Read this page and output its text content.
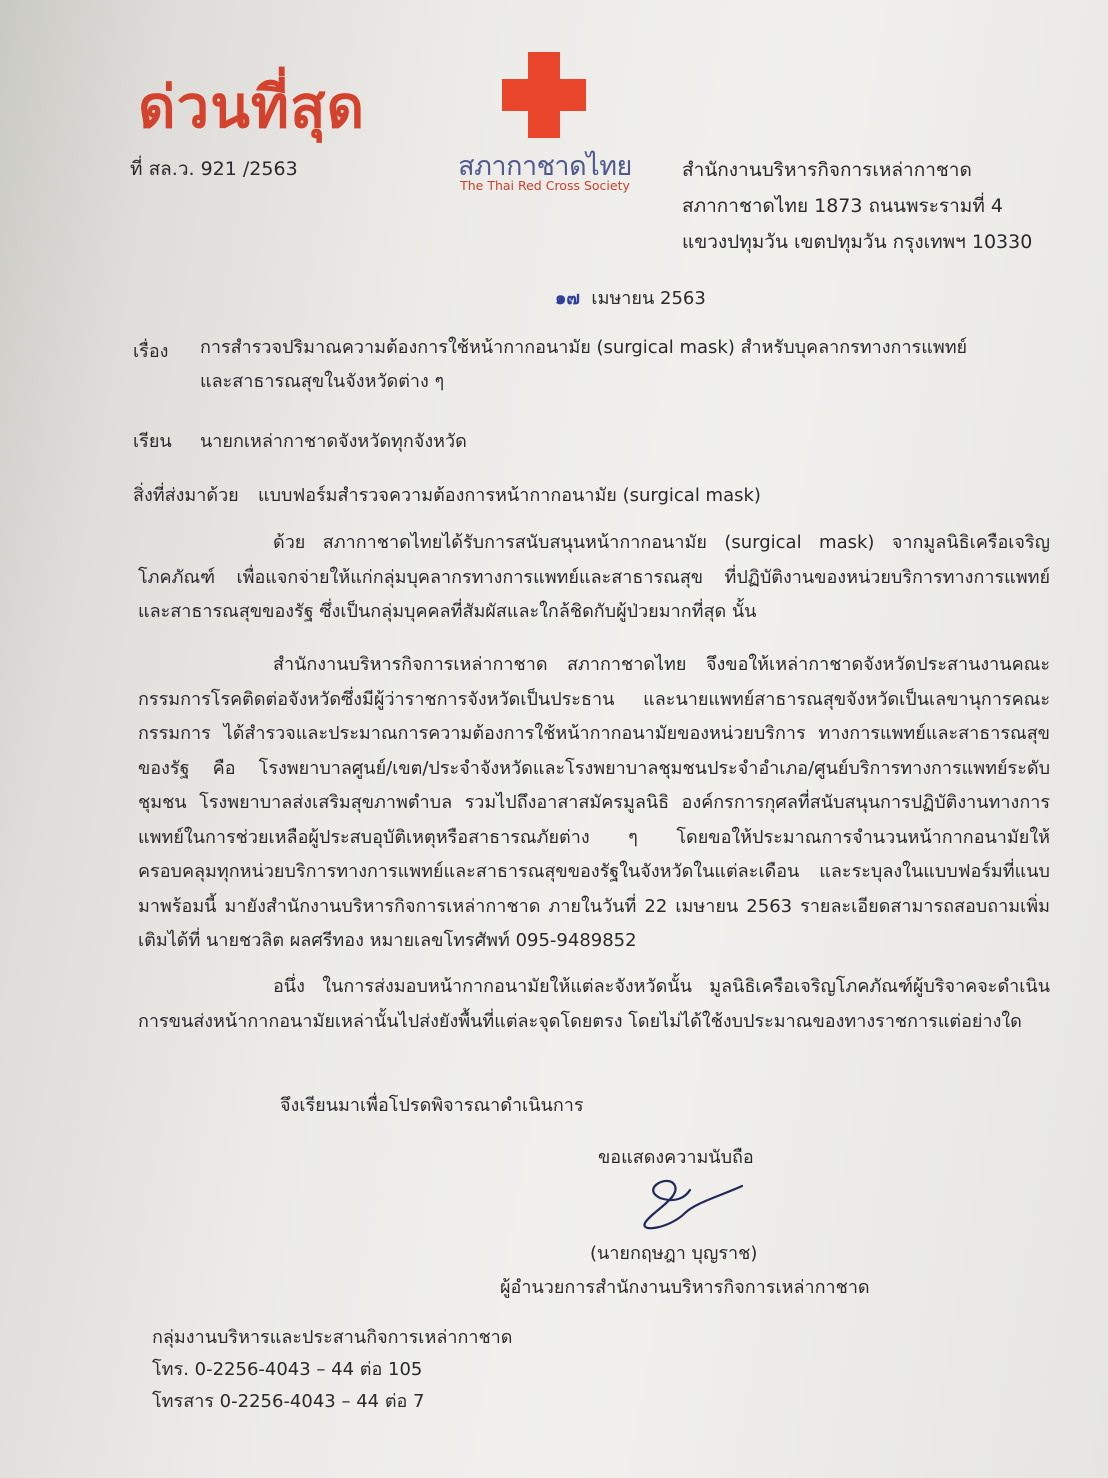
ด่วนที่สุด
ที่ สล.ว. 921 /2563	สภากาชาดไทย
The Thai Red Cross Society
สำนักงานบริหารกิจการเหล่ากาชาด
สภากาชาดไทย 1873 ถนนพระรามที่ 4
แขวงปทุมวัน เขตปทุมวัน กรุงเทพฯ 10330
๑๗ เมษายน 2563
เรื่อง การสำรวจปริมาณความต้องการใช้หน้ากากอนามัย (surgical mask) สำหรับบุคลากรทางการแพทย์
และสาธารณสุขในจังหวัดต่าง ๆ
เรียน นายกเหล่ากาชาดจังหวัดทุกจังหวัด
สิ่งที่ส่งมาด้วย แบบฟอร์มสำรวจความต้องการหน้ากากอนามัย (surgical mask)
ด้วย สภากาชาดไทยได้รับการสนับสนุนหน้ากากอนามัย (surgical mask) จากมูลนิธิเครือเจริญโภคภัณฑ์ เพื่อแจกจ่ายให้แก่กลุ่มบุคลากรทางการแพทย์และสาธารณสุข ที่ปฏิบัติงานของหน่วยบริการทางการแพทย์และสาธารณสุขของรัฐ ซึ่งเป็นกลุ่มบุคคลที่สัมผัสและใกล้ชิดกับผู้ป่วยมากที่สุด นั้น
สำนักงานบริหารกิจการเหล่ากาชาด สภากาชาดไทย จึงขอให้เหล่ากาชาดจังหวัดประสานงานคณะกรรมการโรคติดต่อจังหวัดซึ่งมีผู้ว่าราชการจังหวัดเป็นประธาน และนายแพทย์สาธารณสุขจังหวัดเป็นเลขานุการคณะกรรมการ ได้สำรวจและประมาณการความต้องการใช้หน้ากากอนามัยของหน่วยบริการ ทางการแพทย์และสาธารณสุขของรัฐ คือ โรงพยาบาลศูนย์/เขต/ประจำจังหวัดและโรงพยาบาลชุมชนประจำอำเภอ/ศูนย์บริการทางการแพทย์ระดับชุมชน โรงพยาบาลส่งเสริมสุขภาพตำบล รวมไปถึงอาสาสมัครมูลนิธิ องค์กรการกุศลที่สนับสนุนการปฏิบัติงานทางการแพทย์ในการช่วยเหลือผู้ประสบอุบัติเหตุหรือสาธารณภัยต่าง ๆ โดยขอให้ประมาณการจำนวนหน้ากากอนามัยให้ครอบคลุมทุกหน่วยบริการทางการแพทย์และสาธารณสุขของรัฐในจังหวัดในแต่ละเดือน และระบุลงในแบบฟอร์มที่แนบมาพร้อมนี้ มายังสำนักงานบริหารกิจการเหล่ากาชาด ภายในวันที่ 22 เมษายน 2563 รายละเอียดสามารถสอบถามเพิ่มเติมได้ที่ นายชวลิต ผลศรีทอง หมายเลขโทรศัพท์ 095-9489852
อนึ่ง ในการส่งมอบหน้ากากอนามัยให้แต่ละจังหวัดนั้น มูลนิธิเครือเจริญโภคภัณฑ์ผู้บริจาคจะดำเนินการขนส่งหน้ากากอนามัยเหล่านั้นไปส่งยังพื้นที่แต่ละจุดโดยตรง โดยไม่ได้ใช้งบประมาณของทางราชการแต่อย่างใด
จึงเรียนมาเพื่อโปรดพิจารณาดำเนินการ
ขอแสดงความนับถือ
(นายกฤษฎา บุญราช)
ผู้อำนวยการสำนักงานบริหารกิจการเหล่ากาชาด
กลุ่มงานบริหารและประสานกิจการเหล่ากาชาด
โทร. 0-2256-4043 – 44 ต่อ 105
โทรสาร 0-2256-4043 – 44 ต่อ 7
